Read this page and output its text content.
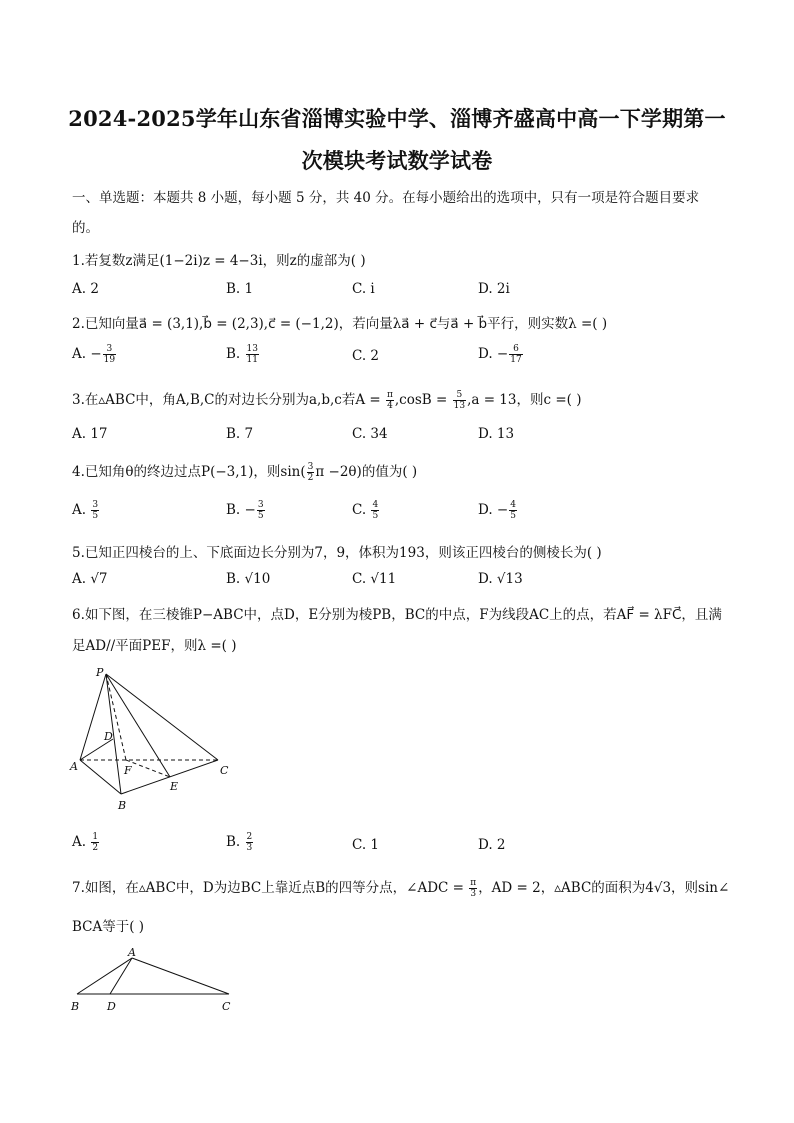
2024-2025学年山东省淄博实验中学、淄博齐盛高中高一下学期第一
次模块考试数学试卷
一、单选题：本题共 8 小题，每小题 5 分，共 40 分。在每小题给出的选项中，只有一项是符合题目要求
的。
1.若复数z满足(1−2i)z = 4−3i，则z的虚部为( )
A. 2	B. 1	C. i	D. 2i
2.已知向量a⃗ = (3,1),b⃗ = (2,3),c⃗ = (−1,2)，若向量λa⃗ + c⃗与a⃗ + b⃗平行，则实数λ =( )
A. − $\frac{3}{19}$	B. $\frac{13}{11}$	C. 2	D. − $\frac{6}{17}$
3.在▵ABC中，角A,B,C的对边长分别为a,b,c若$A = \frac{\pi}{4} ,\cos B = \frac{5}{13} ,a = 13$，则c =( )
A. 17	B. 7	C. 34	D. 13
4.已知角θ的终边过点P(−3,1)，则$\sin( \frac{3}{2}$ π −2θ)的值为( )
A. $\frac{3}{5}$	B. − $\frac{3}{5}$	C. $\frac{4}{5}$	D. − $\frac{4}{5}$
5.已知正四棱台的上、下底面边长分别为7，9，体积为193，则该正四棱台的侧棱长为( )
A. √7	B. √10	C. √11	D. √13
6.如下图，在三棱锥P−ABC中，点D，E分别为棱PB，BC的中点，F为线段AC上的点，若AF⃗ = λFC⃗，且满
足AD//平面PEF，则λ =( )
P
D
A	F	C
E
B
A. $\frac{1}{2}$	B. $\frac{2}{3}$	C. 1	D. 2
7.如图，在▵ABC中，D为边BC上靠近点B的四等分点，∠ADC = $\frac{\pi}{3}$ ，AD = 2，▵ABC的面积为4√3，则sin∠
BCA等于( )
A
B	D	C
